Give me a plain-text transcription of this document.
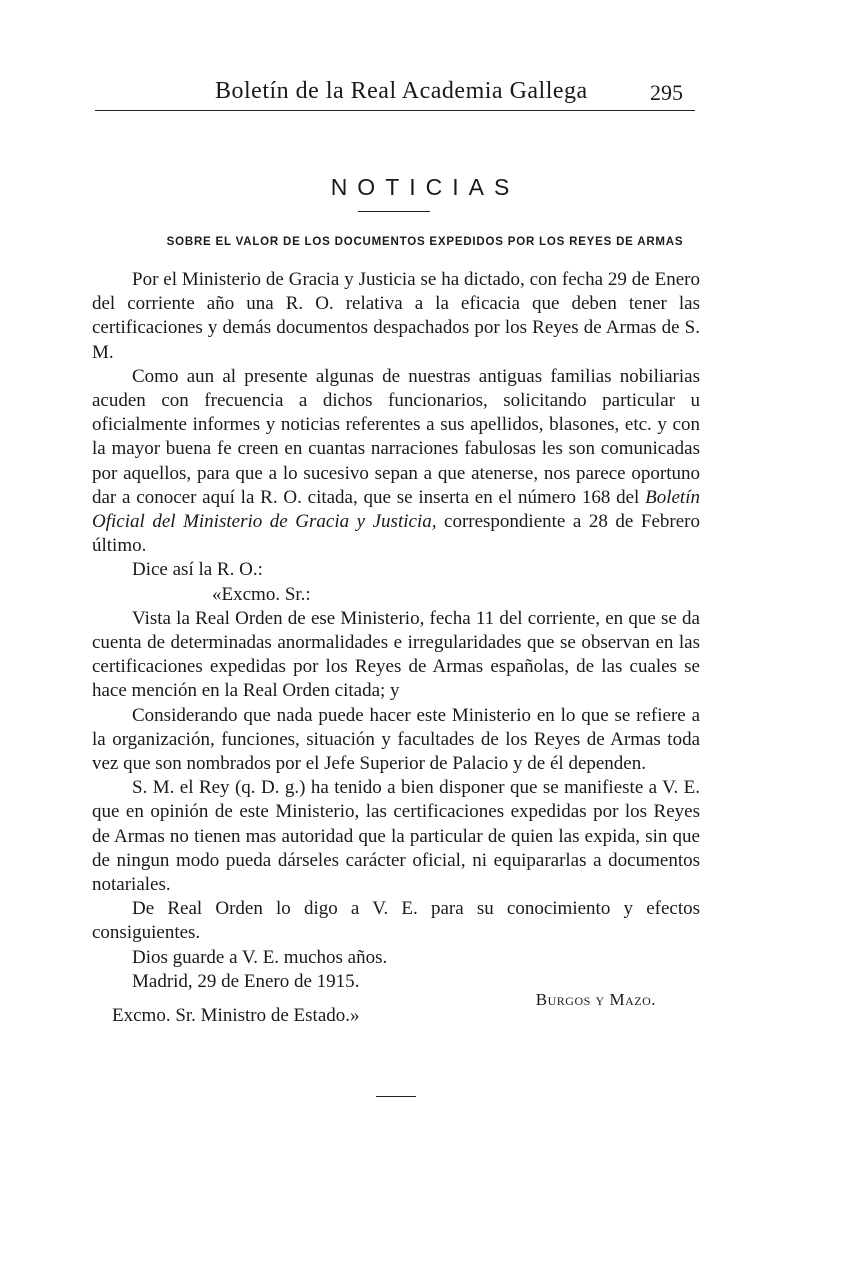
Boletín de la Real Academia Gallega	295
NOTICIAS
SOBRE EL VALOR DE LOS DOCUMENTOS EXPEDIDOS POR LOS REYES DE ARMAS

Por el Ministerio de Gracia y Justicia se ha dictado, con fecha 29 de Enero del corriente año una R. O. relativa a la eficacia que deben tener las certificaciones y demás documentos despachados por los Reyes de Armas de S. M.

Como aun al presente algunas de nuestras antiguas familias nobiliarias acuden con frecuencia a dichos funcionarios, solicitando particular u oficialmente informes y noticias referentes a sus apellidos, blasones, etc. y con la mayor buena fe creen en cuantas narraciones fabulosas les son comunicadas por aquellos, para que a lo sucesivo sepan a que atenerse, nos parece oportuno dar a conocer aquí la R. O. citada, que se inserta en el número 168 del Boletín Oficial del Ministerio de Gracia y Justicia, correspondiente a 28 de Febrero último.

Dice así la R. O.:

«Excmo. Sr.:

Vista la Real Orden de ese Ministerio, fecha 11 del corriente, en que se da cuenta de determinadas anormalidades e irregularidades que se observan en las certificaciones expedidas por los Reyes de Armas españolas, de las cuales se hace mención en la Real Orden citada; y

Considerando que nada puede hacer este Ministerio en lo que se refiere a la organización, funciones, situación y facultades de los Reyes de Armas toda vez que son nombrados por el Jefe Superior de Palacio y de él dependen.

S. M. el Rey (q. D. g.) ha tenido a bien disponer que se manifieste a V. E. que en opinión de este Ministerio, las certificaciones expedidas por los Reyes de Armas no tienen mas autoridad que la particular de quien las expida, sin que de ningun modo pueda dárseles carácter oficial, ni equipararlas a documentos notariales.

De Real Orden lo digo a V. E. para su conocimiento y efectos consiguientes.

Dios guarde a V. E. muchos años.

Madrid, 29 de Enero de 1915.
Burgos y Mazo.

Excmo. Sr. Ministro de Estado.»
